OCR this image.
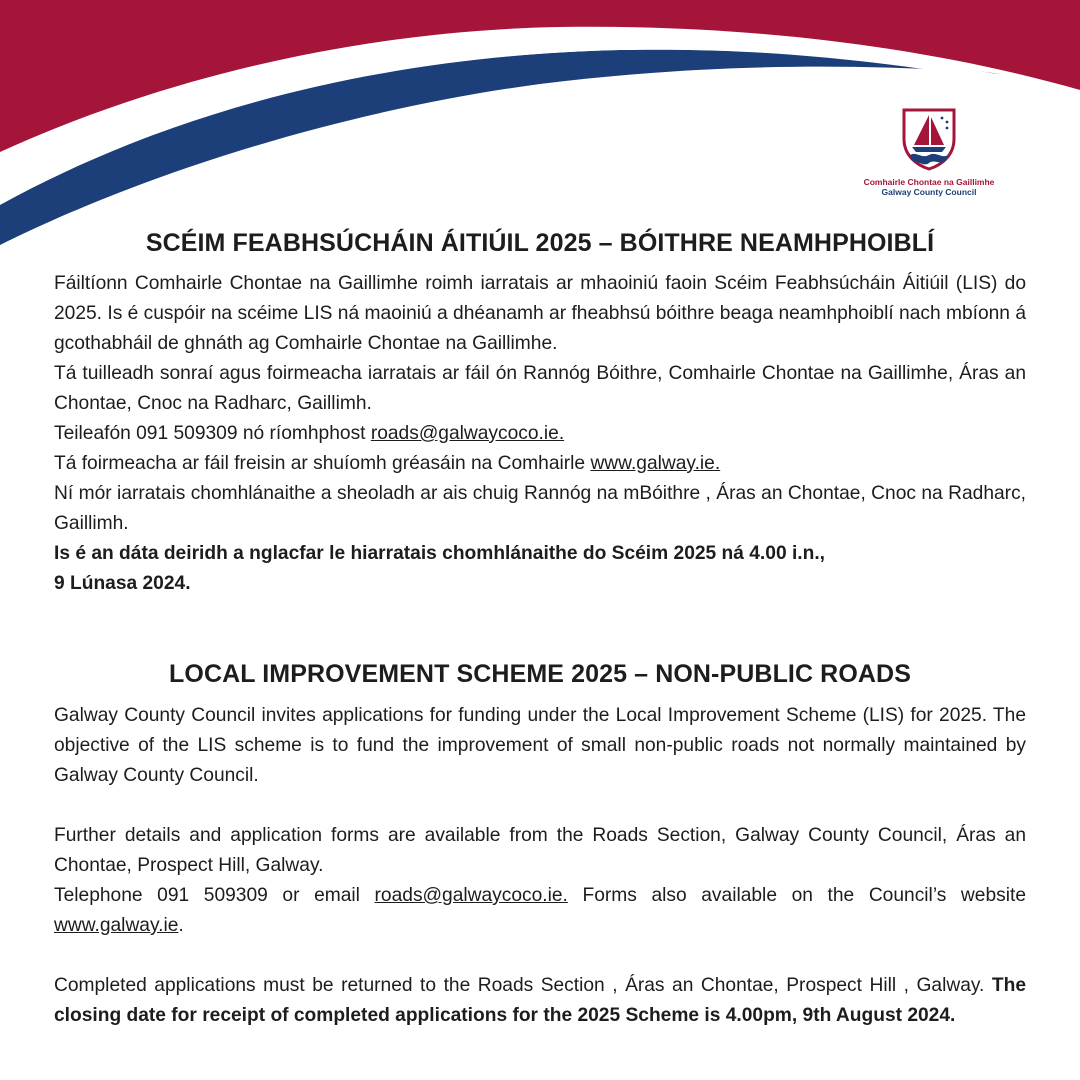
Comhairle Chontae na Gaillimhe
Galway County Council
SCÉIM FEABHSÚCHÁIN ÁITIÚIL 2025 – BÓITHRE NEAMHPHOIBLÍ

Fáiltíonn Comhairle Chontae na Gaillimhe roimh iarratais ar mhaoiniú faoin Scéim Feabhsúcháin Áitiúil (LIS) do 2025. Is é cuspóir na scéime LIS ná maoiniú a dhéanamh ar fheabhsú bóithre beaga neamhphoiblí nach mbíonn á gcothabháil de ghnáth ag Comhairle Chontae na Gaillimhe.

Tá tuilleadh sonraí agus foirmeacha iarratais ar fáil ón Rannóg Bóithre, Comhairle Chontae na Gaillimhe, Áras an Chontae, Cnoc na Radharc, Gaillimh.

Teileafón 091 509309 nó ríomhphost roads@galwaycoco.ie.

Tá foirmeacha ar fáil freisin ar shuíomh gréasáin na Comhairle www.galway.ie.

Ní mór iarratais chomhlánaithe a sheoladh ar ais chuig Rannóg na mBóithre , Áras an Chontae, Cnoc na Radharc, Gaillimh.

Is é an dáta deiridh a nglacfar le hiarratais chomhlánaithe do Scéim 2025 ná 4.00 i.n.,

9 Lúnasa 2024.

LOCAL IMPROVEMENT SCHEME 2025 – NON-PUBLIC ROADS

Galway County Council invites applications for funding under the Local Improvement Scheme (LIS) for 2025. The objective of the LIS scheme is to fund the improvement of small non-public roads not normally maintained by Galway County Council.

Further details and application forms are available from the Roads Section, Galway County Council, Áras an Chontae, Prospect Hill, Galway.

Telephone 091 509309 or email roads@galwaycoco.ie. Forms also available on the Council’s website www.galway.ie.

Completed applications must be returned to the Roads Section , Áras an Chontae, Prospect Hill , Galway. The closing date for receipt of completed applications for the 2025 Scheme is 4.00pm, 9th August 2024.
